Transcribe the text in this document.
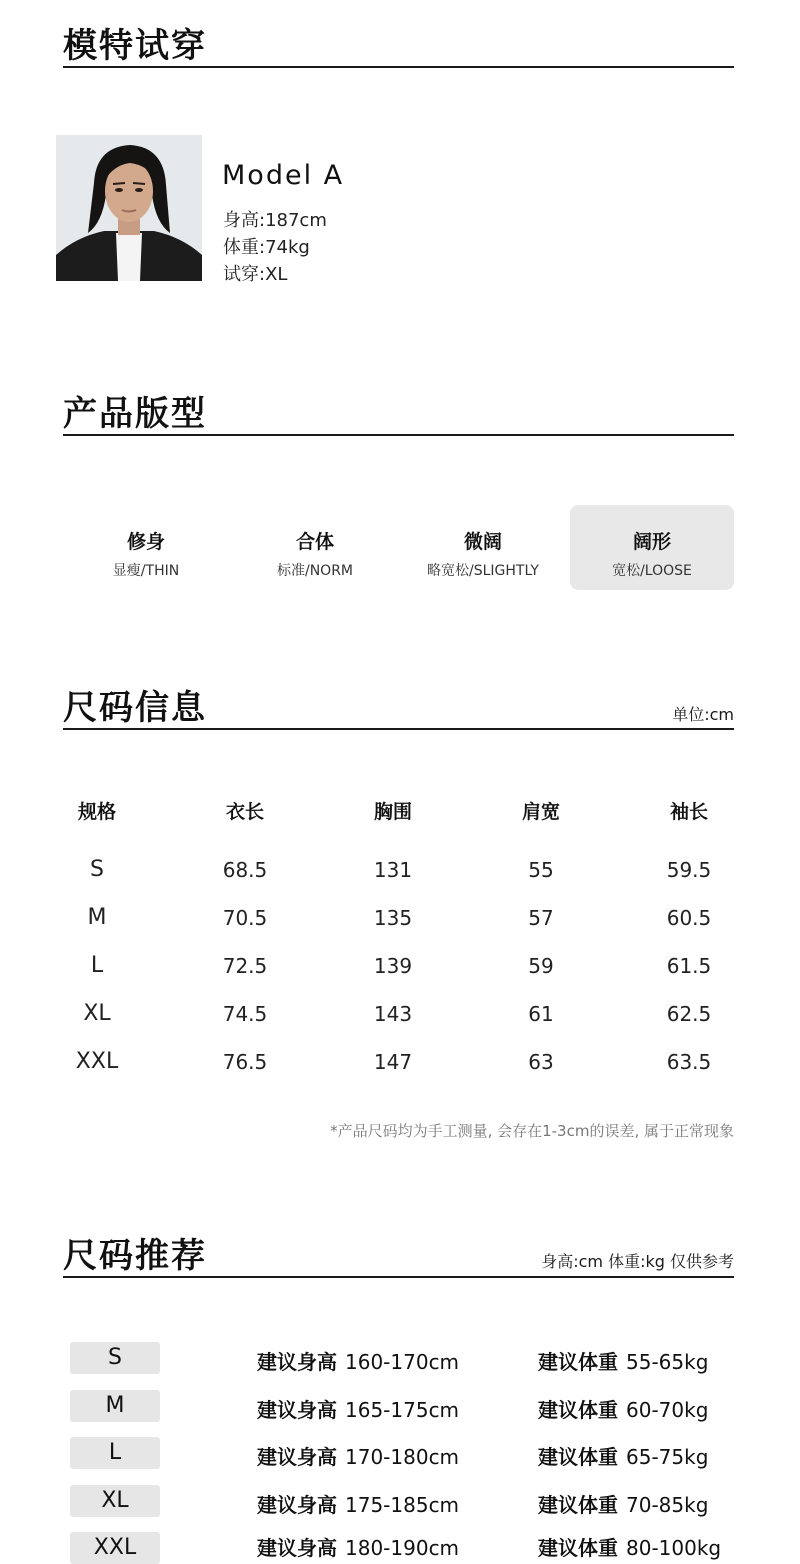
模特试穿
Model A
身高:187cm
体重:74kg
试穿:XL
产品版型
修身
显瘦/THIN
合体
标准/NORM
微阔
略宽松/SLIGHTLY
阔形
宽松/LOOSE
尺码信息	单位:cm
规格	衣长	胸围	肩宽	袖长
S	68.5	131	55	59.5
M	70.5	135	57	60.5
L	72.5	139	59	61.5
XL	74.5	143	61	62.5
XXL	76.5	147	63	63.5
*产品尺码均为手工测量, 会存在1-3cm的误差, 属于正常现象
尺码推荐	身高:cm 体重:kg 仅供参考
S	建议身高 160-170cm	建议体重 55-65kg
M	建议身高 165-175cm	建议体重 60-70kg
L	建议身高 170-180cm	建议体重 65-75kg
XL	建议身高 175-185cm	建议体重 70-85kg
XXL	建议身高 180-190cm	建议体重 80-100kg
